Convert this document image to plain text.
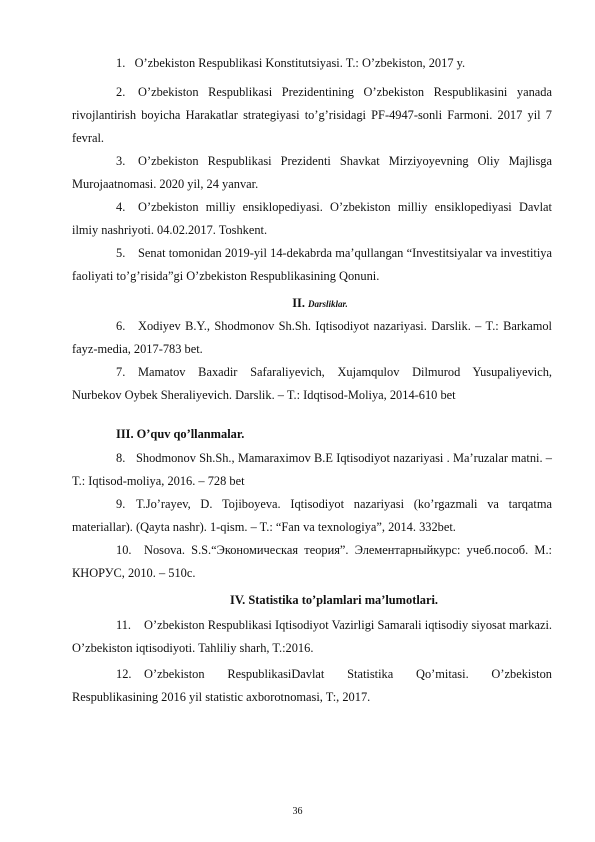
1. O’zbekiston Respublikasi Konstitutsiyasi. T.: O’zbekiston, 2017 y.
2.	O’zbekiston Respublikasi Prezidentining O’zbekiston Respublikasini yanada rivojlantirish boyicha Harakatlar strategiyasi to’g’risidagi PF-4947-sonli Farmoni. 2017 yil 7 fevral.
3.	O’zbekiston Respublikasi Prezidenti Shavkat Mirziyoyevning Oliy Majlisga Murojaatnomasi. 2020 yil, 24 yanvar.
4.	O’zbekiston milliy ensiklopediyasi. O’zbekiston milliy ensiklopediyasi Davlat ilmiy nashriyoti. 04.02.2017. Toshkent.
5.	Senat tomonidan 2019-yil 14-dekabrda ma’qullangan “Investitsiyalar va investitiya faoliyati to’g’risida”gi O’zbekiston Respublikasining Qonuni.
II. Darsliklar.
6.	Xodiyev B.Y., Shodmonov Sh.Sh. Iqtisodiyot nazariyasi. Darslik. – T.: Barkamol fayz-media, 2017-783 bet.
7.	Mamatov Baxadir Safaraliyevich, Xujamqulov Dilmurod Yusupaliyevich, Nurbekov Oybek Sheraliyevich. Darslik. – T.: Idqtisod-Moliya, 2014-610 bet
III. O’quv qo’llanmalar.
8. Shodmonov Sh.Sh., Mamaraximov B.E Iqtisodiyot nazariyasi . Ma’ruzalar matni. – T.: Iqtisod-moliya, 2016. – 728 bet
9. T.Jo’rayev, D. Tojiboyeva. Iqtisodiyot nazariyasi (ko’rgazmali va tarqatma materiallar). (Qayta nashr). 1-qism. – T.: “Fan va texnologiya”, 2014. 332bet.
10.	Nosova. S.S.“Экономическая теория”. Элементарныйкурс: учеб.пособ. М.: КНОРУС, 2010. – 510с.
IV. Statistika to’plamlari ma’lumotlari.
11.	O’zbekiston Respublikasi Iqtisodiyot Vazirligi Samarali iqtisodiy siyosat markazi. O’zbekiston iqtisodiyoti. Tahliliy sharh, T.:2016.
12.	O’zbekiston RespublikasiDavlat Statistika Qo’mitasi. O’zbekiston Respublikasining 2016 yil statistic axborotnomasi, T:, 2017.
36
